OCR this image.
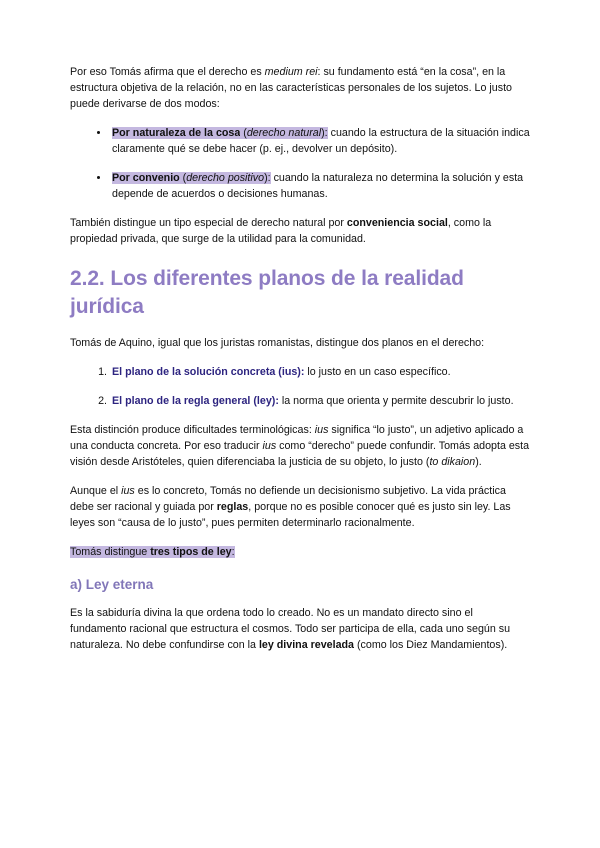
Por eso Tomás afirma que el derecho es medium rei: su fundamento está “en la cosa”, en la estructura objetiva de la relación, no en las características personales de los sujetos. Lo justo puede derivarse de dos modos:

• Por naturaleza de la cosa (derecho natural): cuando la estructura de la situación indica claramente qué se debe hacer (p. ej., devolver un depósito).
• Por convenio (derecho positivo): cuando la naturaleza no determina la solución y esta depende de acuerdos o decisiones humanas.

También distingue un tipo especial de derecho natural por conveniencia social, como la propiedad privada, que surge de la utilidad para la comunidad.

2.2. Los diferentes planos de la realidad jurídica

Tomás de Aquino, igual que los juristas romanistas, distingue dos planos en el derecho:

1. El plano de la solución concreta (ius): lo justo en un caso específico.
2. El plano de la regla general (ley): la norma que orienta y permite descubrir lo justo.

Esta distinción produce dificultades terminológicas: ius significa “lo justo”, un adjetivo aplicado a una conducta concreta. Por eso traducir ius como “derecho” puede confundir. Tomás adopta esta visión desde Aristóteles, quien diferenciaba la justicia de su objeto, lo justo (to dikaion).

Aunque el ius es lo concreto, Tomás no defiende un decisionismo subjetivo. La vida práctica debe ser racional y guiada por reglas, porque no es posible conocer qué es justo sin ley. Las leyes son “causa de lo justo”, pues permiten determinarlo racionalmente.

Tomás distingue tres tipos de ley:

a) Ley eterna

Es la sabiduría divina la que ordena todo lo creado. No es un mandato directo sino el fundamento racional que estructura el cosmos. Todo ser participa de ella, cada uno según su naturaleza. No debe confundirse con la ley divina revelada (como los Diez Mandamientos).
